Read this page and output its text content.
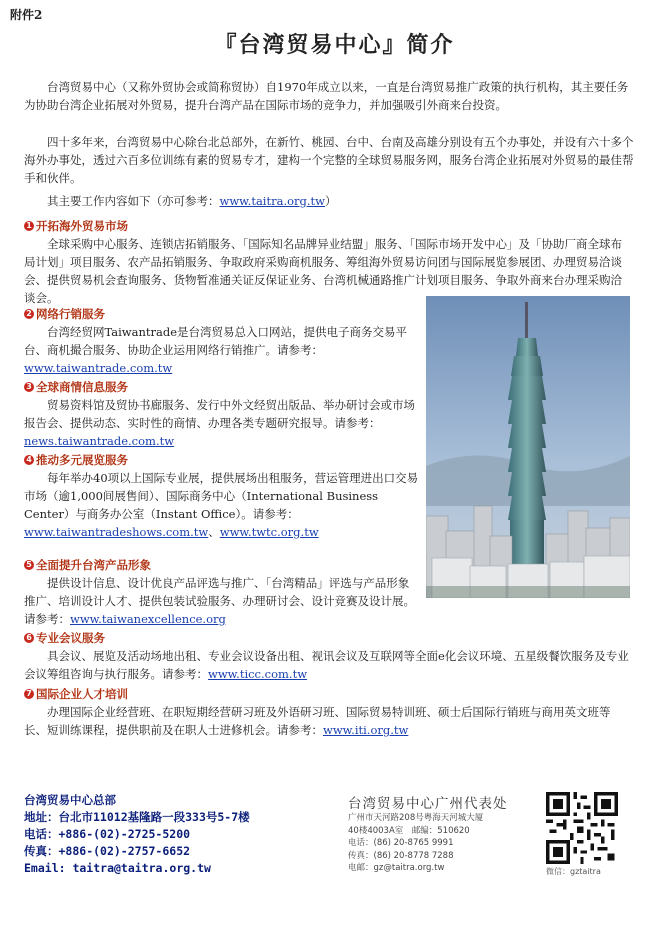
附件2
『台湾贸易中心』简介

台湾贸易中心（又称外贸协会或简称贸协）自1970年成立以来，一直是台湾贸易推广政策的执行机构，其主要任务为协助台湾企业拓展对外贸易，提升台湾产品在国际市场的竞争力，并加强吸引外商来台投资。

四十多年来，台湾贸易中心除台北总部外，在新竹、桃园、台中、台南及高雄分别设有五个办事处，并设有六十多个海外办事处，透过六百多位训练有素的贸易专才，建构一个完整的全球贸易服务网，服务台湾企业拓展对外贸易的最佳帮手和伙伴。

其主要工作内容如下（亦可参考：www.taitra.org.tw）

1 开拓海外贸易市场

全球采购中心服务、连锁店拓销服务、「国际知名品牌异业结盟」服务、「国际市场开发中心」及「协助厂商全球布局计划」项目服务、农产品拓销服务、争取政府采购商机服务、筹组海外贸易访问团与国际展览参展团、办理贸易洽谈会、提供贸易机会查询服务、货物暂准通关证反保证业务、台湾机械通路推广计划项目服务、争取外商来台办理采购洽谈会。

2 网络行销服务

台湾经贸网Taiwantrade是台湾贸易总入口网站，提供电子商务交易平台、商机撮合服务、协助企业运用网络行销推广。请参考：www.taiwantrade.com.tw

3 全球商情信息服务

贸易资料馆及贸协书廊服务、发行中外文经贸出版品、举办研讨会或市场报告会、提供动态、实时性的商情、办理各类专题研究报导。请参考：news.taiwantrade.com.tw

4 推动多元展览服务

每年举办40项以上国际专业展，提供展场出租服务，营运管理进出口交易市场（逾1,000间展售间）、国际商务中心（International Business Center）与商务办公室（Instant Office）。请参考：www.taiwantradeshows.com.tw、www.twtc.org.tw

5 全面提升台湾产品形象

提供设计信息、设计优良产品评选与推广、「台湾精品」评选与产品形象推广、培训设计人才、提供包装试验服务、办理研讨会、设计竞赛及设计展。请参考：www.taiwanexcellence.org

6 专业会议服务

具会议、展览及活动场地出租、专业会议设备出租、视讯会议及互联网等全面e化会议环境、五星级餐饮服务及专业会议筹组咨询与执行服务。请参考：www.ticc.com.tw

7 国际企业人才培训

办理国际企业经营班、在职短期经营研习班及外语研习班、国际贸易特训班、硕士后国际行销班与商用英文班等长、短训练课程，提供职前及在职人士进修机会。请参考：www.iti.org.tw

台湾贸易中心总部
地址：台北市11012基隆路一段333号5-7楼
电话：+886-(02)-2725-5200
传真：+886-(02)-2757-6652
Email: taitra@taitra.org.tw
台湾贸易中心广州代表处
广州市天河路208号粤海天河城大厦
40楼4003A室　邮编：510620
电话：(86) 20-8765 9991
传真：(86) 20-8778 7288
电邮：gz@taitra.org.tw	微信：gztaitra
